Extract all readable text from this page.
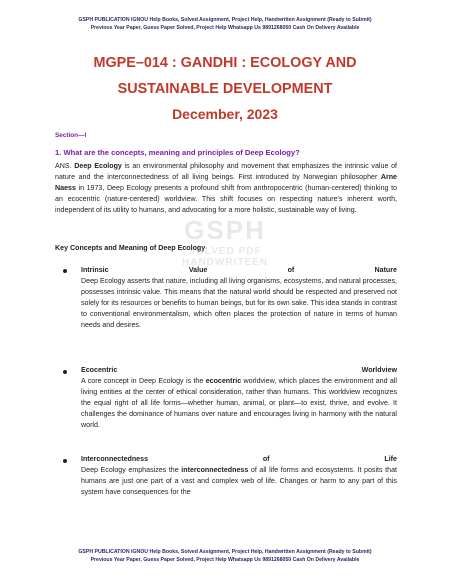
GSPH PUBLICATION IGNOU Help Books, Solved Assignment, Project Help, Handwritten Assignment (Ready to Submit)
Previous Year Paper, Guess Paper Solved, Project Help Whatsapp Us 9891268050 Cash On Delivery Available
MGPE–014 : GANDHI : ECOLOGY AND
SUSTAINABLE DEVELOPMENT
December, 2023
Section—I
1. What are the concepts, meaning and principles of Deep Ecology?
ANS. Deep Ecology is an environmental philosophy and movement that emphasizes the intrinsic value of nature and the interconnectedness of all living beings. First introduced by Norwegian philosopher Arne Naess in 1973, Deep Ecology presents a profound shift from anthropocentric (human-centered) thinking to an ecocentric (nature-centered) worldview. This shift focuses on respecting nature's inherent worth, independent of its utility to humans, and advocating for a more holistic, sustainable way of living.
Key Concepts and Meaning of Deep Ecology
Intrinsic	Value	of	Nature
Deep Ecology asserts that nature, including all living organisms, ecosystems, and natural processes, possesses intrinsic value. This means that the natural world should be respected and preserved not solely for its resources or benefits to human beings, but for its own sake. This idea stands in contrast to conventional environmentalism, which often places the protection of nature in terms of human needs and desires.
Ecocentric	Worldview
A core concept in Deep Ecology is the ecocentric worldview, which places the environment and all living entities at the center of ethical consideration, rather than humans. This worldview recognizes the equal right of all life forms—whether human, animal, or plant—to exist, thrive, and evolve. It challenges the dominance of humans over nature and encourages living in harmony with the natural world.
Interconnectedness	of	Life
Deep Ecology emphasizes the interconnectedness of all life forms and ecosystems. It posits that humans are just one part of a vast and complex web of life. Changes or harm to any part of this system have consequences for the
GSPH
SOLVED PDF
HANDWRITEEN
GSPH PUBLICATION IGNOU Help Books, Solved Assignment, Project Help, Handwritten Assignment (Ready to Submit)
Previous Year Paper, Guess Paper Solved, Project Help Whatsapp Us 9891268050 Cash On Delivery Available
